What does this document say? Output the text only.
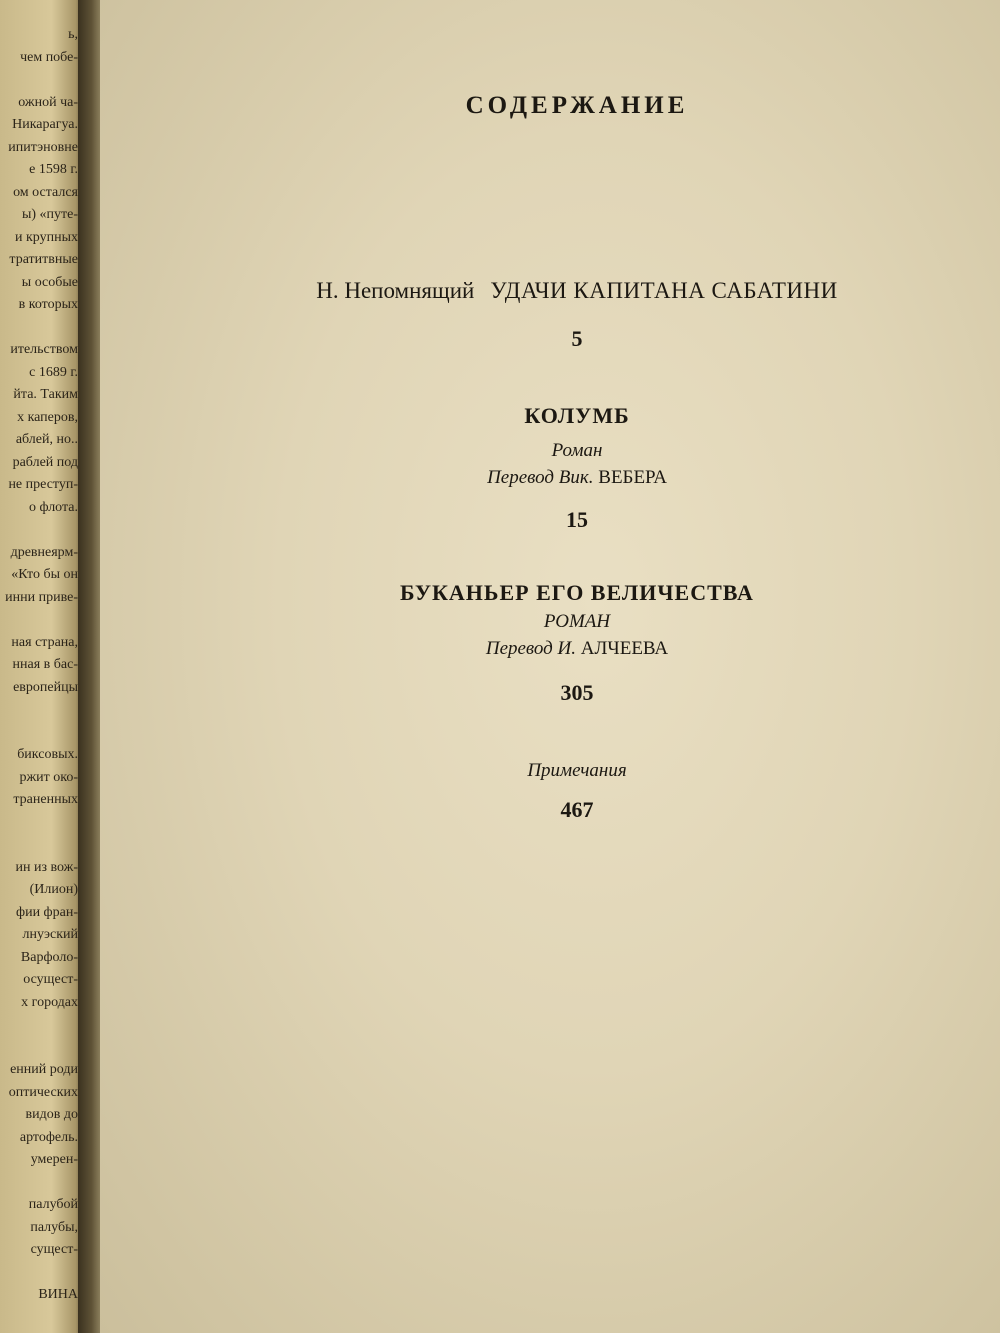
ь,
чем побе-

ожной ча-
Никарагуа.
ипитэновне
е 1598 г.
ом остался
ы) «путе-
и крупных
тратитвные
ы особые
в которых

ительством
с 1689 г.
йта. Таким
х каперов,
аблей, но..
раблей под
не преступ-
о флота.

древнеярм-
«Кто бы он
инни приве-

ная страна,
нная в бас-
европейцы

биксовых.
ржит око-
траненных

ин из вож-
(Илион)
фии фран-
лнуэский
Варфоло-
осущест-
х городах

енний роди
оптических
видов до
артофель.
умерен-

палубой
палубы,
сущест-

ВИНА

СОДЕРЖАНИЕ
Н. Непомнящий УДАЧИ КАПИТАНА САБАТИНИ
5
КОЛУМБ
Роман
Перевод Вик. ВЕБЕРА
15
БУКАНЬЕР ЕГО ВЕЛИЧЕСТВА
РОМАН
Перевод И. АЛЧЕЕВА
305
Примечания
467
